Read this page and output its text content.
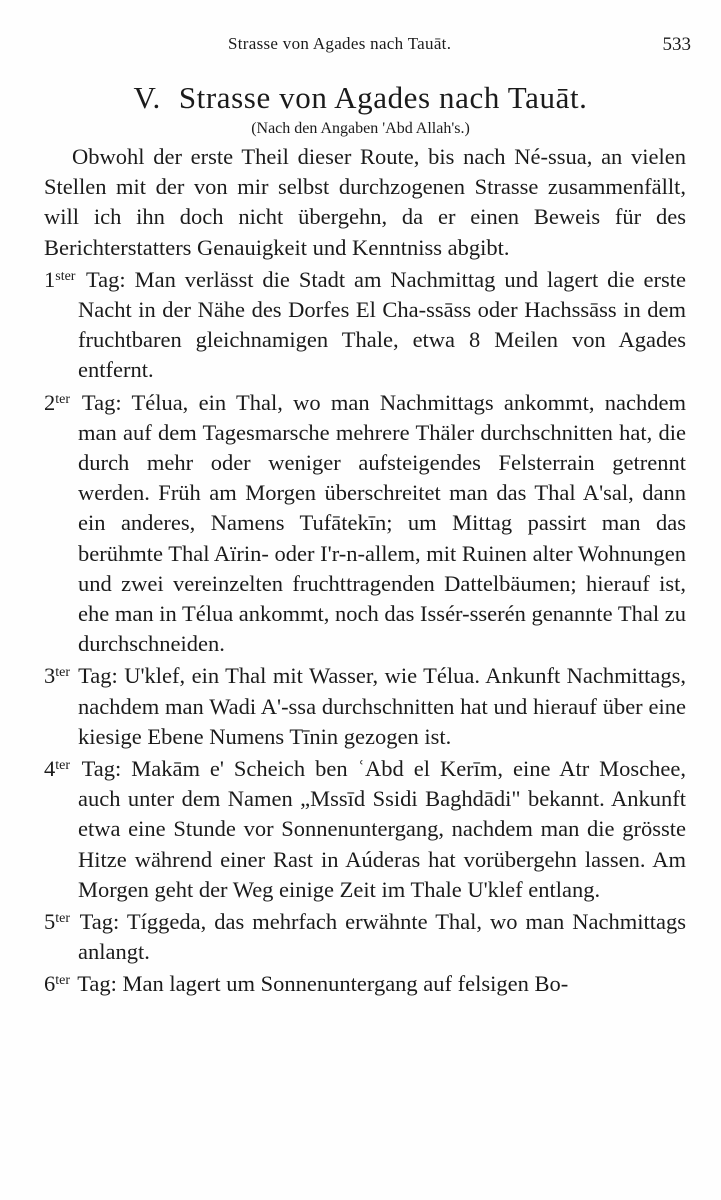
Strasse von Agades nach Tauāt.	533
V. Strasse von Agades nach Tauāt.
(Nach den Angaben 'Abd Allah's.)

Obwohl der erste Theil dieser Route, bis nach Né-ssua, an vielen Stellen mit der von mir selbst durchzogenen Strasse zusammenfällt, will ich ihn doch nicht übergehn, da er einen Beweis für des Berichterstatters Genauigkeit und Kenntniss abgibt.

$1^{ster}$ Tag: Man verlässt die Stadt am Nachmittag und lagert die erste Nacht in der Nähe des Dorfes El Cha-ssāss oder Hachssāss in dem fruchtbaren gleichnamigen Thale, etwa 8 Meilen von Agades entfernt.

$2^{ter}$ Tag: Télua, ein Thal, wo man Nachmittags ankommt, nachdem man auf dem Tagesmarsche mehrere Thäler durchschnitten hat, die durch mehr oder weniger aufsteigendes Felsterrain getrennt werden. Früh am Morgen überschreitet man das Thal A'sal, dann ein anderes, Namens Tufātekīn; um Mittag passirt man das berühmte Thal Aïrin- oder I'r-n-allem, mit Ruinen alter Wohnungen und zwei vereinzelten fruchttragenden Dattelbäumen; hierauf ist, ehe man in Télua ankommt, noch das Issér-sserén genannte Thal zu durchschneiden.

$3^{ter}$ Tag: U'klef, ein Thal mit Wasser, wie Télua. Ankunft Nachmittags, nachdem man Wadi A'-ssa durchschnitten hat und hierauf über eine kiesige Ebene Numens Tīnin gezogen ist.

$4^{ter}$ Tag: Makām e' Scheich ben ʿAbd el Kerīm, eine Atr Moschee, auch unter dem Namen „Mssīd Ssidi Baghdādi" bekannt. Ankunft etwa eine Stunde vor Sonnenuntergang, nachdem man die grösste Hitze während einer Rast in Aúderas hat vorübergehn lassen. Am Morgen geht der Weg einige Zeit im Thale U'klef entlang.

$5^{ter}$ Tag: Tíggeda, das mehrfach erwähnte Thal, wo man Nachmittags anlangt.

$6^{ter}$ Tag: Man lagert um Sonnenuntergang auf felsigen Bo-
